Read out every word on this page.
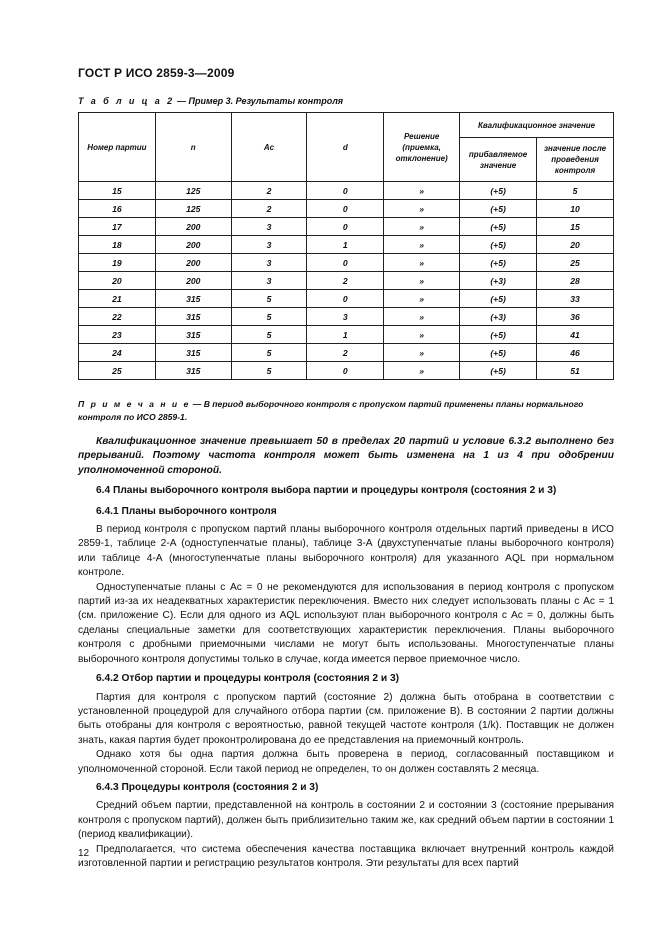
ГОСТ Р ИСО 2859-3—2009
Т а б л и ц а 2 — Пример 3. Результаты контроля
Номер партии	n	Ac	d	Решение (приемка, отклонение)	Квалификационное значение	
					прибавляемое значение	значение после проведения контроля
15	125	2	0	»	(+5)	5
16	125	2	0	»	(+5)	10
17	200	3	0	»	(+5)	15
18	200	3	1	»	(+5)	20
19	200	3	0	»	(+5)	25
20	200	3	2	»	(+3)	28
21	315	5	0	»	(+5)	33
22	315	5	3	»	(+3)	36
23	315	5	1	»	(+5)	41
24	315	5	2	»	(+5)	46
25	315	5	0	»	(+5)	51
П р и м е ч а н и е — В период выборочного контроля с пропуском партий применены планы нормального контроля по ИСО 2859-1.

Квалификационное значение превышает 50 в пределах 20 партий и условие 6.3.2 выполнено без прерываний. Поэтому частота контроля может быть изменена на 1 из 4 при одобрении уполномоченной стороной.

6.4 Планы выборочного контроля выбора партии и процедуры контроля (состояния 2 и 3)

6.4.1 Планы выборочного контроля

В период контроля с пропуском партий планы выборочного контроля отдельных партий приведены в ИСО 2859-1, таблице 2-А (одноступенчатые планы), таблице 3-А (двухступенчатые планы выборочного контроля) или таблице 4-А (многоступенчатые планы выборочного контроля) для указанного AQL при нормальном контроле.

Одноступенчатые планы с Ac = 0 не рекомендуются для использования в период контроля с пропуском партий из-за их неадекватных характеристик переключения. Вместо них следует использовать планы с Ac = 1 (см. приложение С). Если для одного из AQL используют план выборочного контроля с Ac = 0, должны быть сделаны специальные заметки для соответствующих характеристик переключения. Планы выборочного контроля с дробными приемочными числами не могут быть использованы. Многоступенчатые планы выборочного контроля допустимы только в случае, когда имеется первое приемочное число.

6.4.2 Отбор партии и процедуры контроля (состояния 2 и 3)

Партия для контроля с пропуском партий (состояние 2) должна быть отобрана в соответствии с установленной процедурой для случайного отбора партии (см. приложение В). В состоянии 2 партии должны быть отобраны для контроля с вероятностью, равной текущей частоте контроля (1/k). Поставщик не должен знать, какая партия будет проконтролирована до ее представления на приемочный контроль.

Однако хотя бы одна партия должна быть проверена в период, согласованный поставщиком и уполномоченной стороной. Если такой период не определен, то он должен составлять 2 месяца.

6.4.3 Процедуры контроля (состояния 2 и 3)

Средний объем партии, представленной на контроль в состоянии 2 и состоянии 3 (состояние прерывания контроля с пропуском партий), должен быть приблизительно таким же, как средний объем партии в состоянии 1 (период квалификации).

Предполагается, что система обеспечения качества поставщика включает внутренний контроль каждой изготовленной партии и регистрацию результатов контроля. Эти результаты для всех партий

12
